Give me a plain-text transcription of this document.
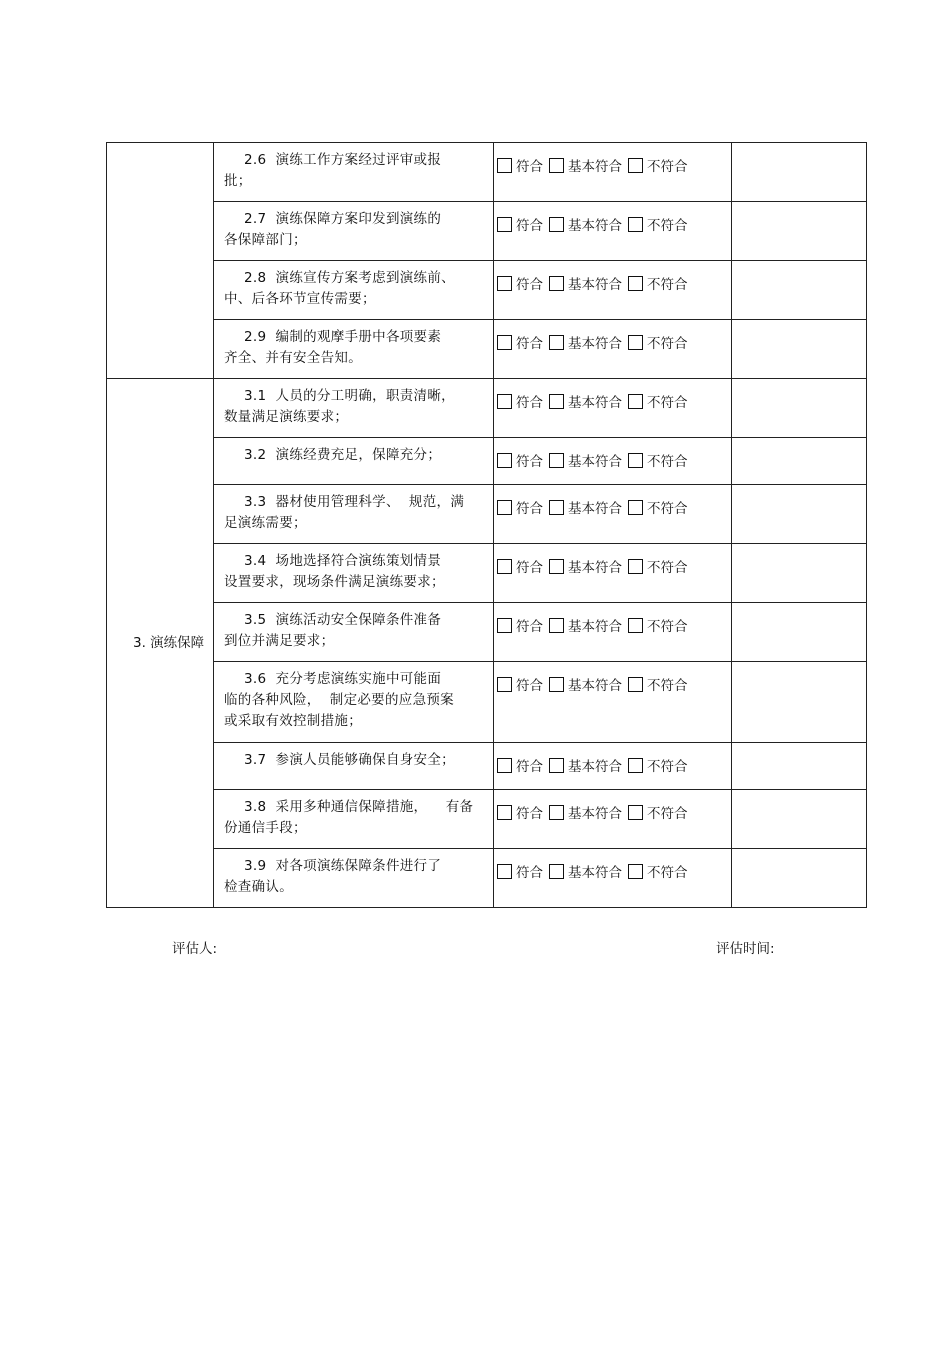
	2.6  演练工作方案经过评审或报
批；	符合 基本符合 不符合	

	2.7  演练保障方案印发到演练的
各保障部门；	符合 基本符合 不符合	

	2.8  演练宣传方案考虑到演练前、
中、后各环节宣传需要；	符合 基本符合 不符合	

	2.9  编制的观摩手册中各项要素
齐全、并有安全告知。	符合 基本符合 不符合	

3. 演练保障	3.1  人员的分工明确，职责清晰，
数量满足演练要求；	符合 基本符合 不符合	

	3.2  演练经费充足，保障充分；	符合 基本符合 不符合	

	3.3  器材使用管理科学、  规范，满
足演练需要；	符合 基本符合 不符合	

	3.4  场地选择符合演练策划情景
设置要求，现场条件满足演练要求；	符合 基本符合 不符合	

	3.5  演练活动安全保障条件准备
到位并满足要求；	符合 基本符合 不符合	

	3.6  充分考虑演练实施中可能面
临的各种风险，  制定必要的应急预案
或采取有效控制措施；	符合 基本符合 不符合	

	3.7  参演人员能够确保自身安全；	符合 基本符合 不符合	

	3.8  采用多种通信保障措施，    有备
份通信手段；	符合 基本符合 不符合	

	3.9  对各项演练保障条件进行了
检查确认。	符合 基本符合 不符合	

评估人:	评估时间:
